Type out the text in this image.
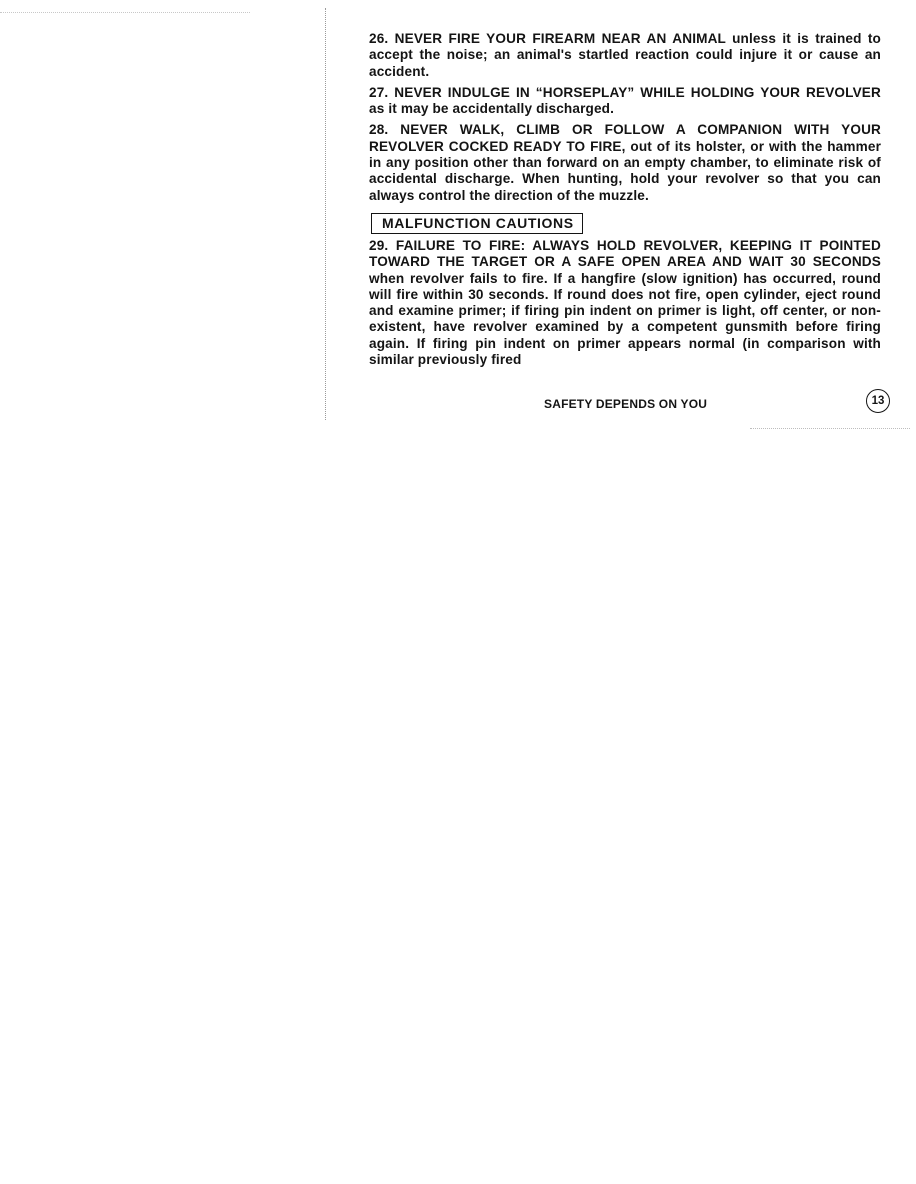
26. NEVER FIRE YOUR FIREARM NEAR AN ANIMAL unless it is trained to accept the noise; an animal's startled reaction could injure it or cause an accident.

27. NEVER INDULGE IN “HORSEPLAY” WHILE HOLDING YOUR REVOLVER as it may be accidentally discharged.

28. NEVER WALK, CLIMB OR FOLLOW A COMPANION WITH YOUR REVOLVER COCKED READY TO FIRE, out of its holster, or with the hammer in any position other than forward on an empty chamber, to eliminate risk of accidental discharge. When hunting, hold your revolver so that you can always control the direction of the muzzle.

MALFUNCTION CAUTIONS

29. FAILURE TO FIRE: ALWAYS HOLD REVOLVER, KEEPING IT POINTED TOWARD THE TARGET OR A SAFE OPEN AREA AND WAIT 30 SECONDS when revolver fails to fire. If a hangfire (slow ignition) has occurred, round will fire within 30 seconds. If round does not fire, open cylinder, eject round and examine primer; if firing pin indent on primer is light, off center, or non-existent, have revolver examined by a competent gunsmith before firing again. If firing pin indent on primer appears normal (in comparison with similar previously fired

SAFETY DEPENDS ON YOU	13
